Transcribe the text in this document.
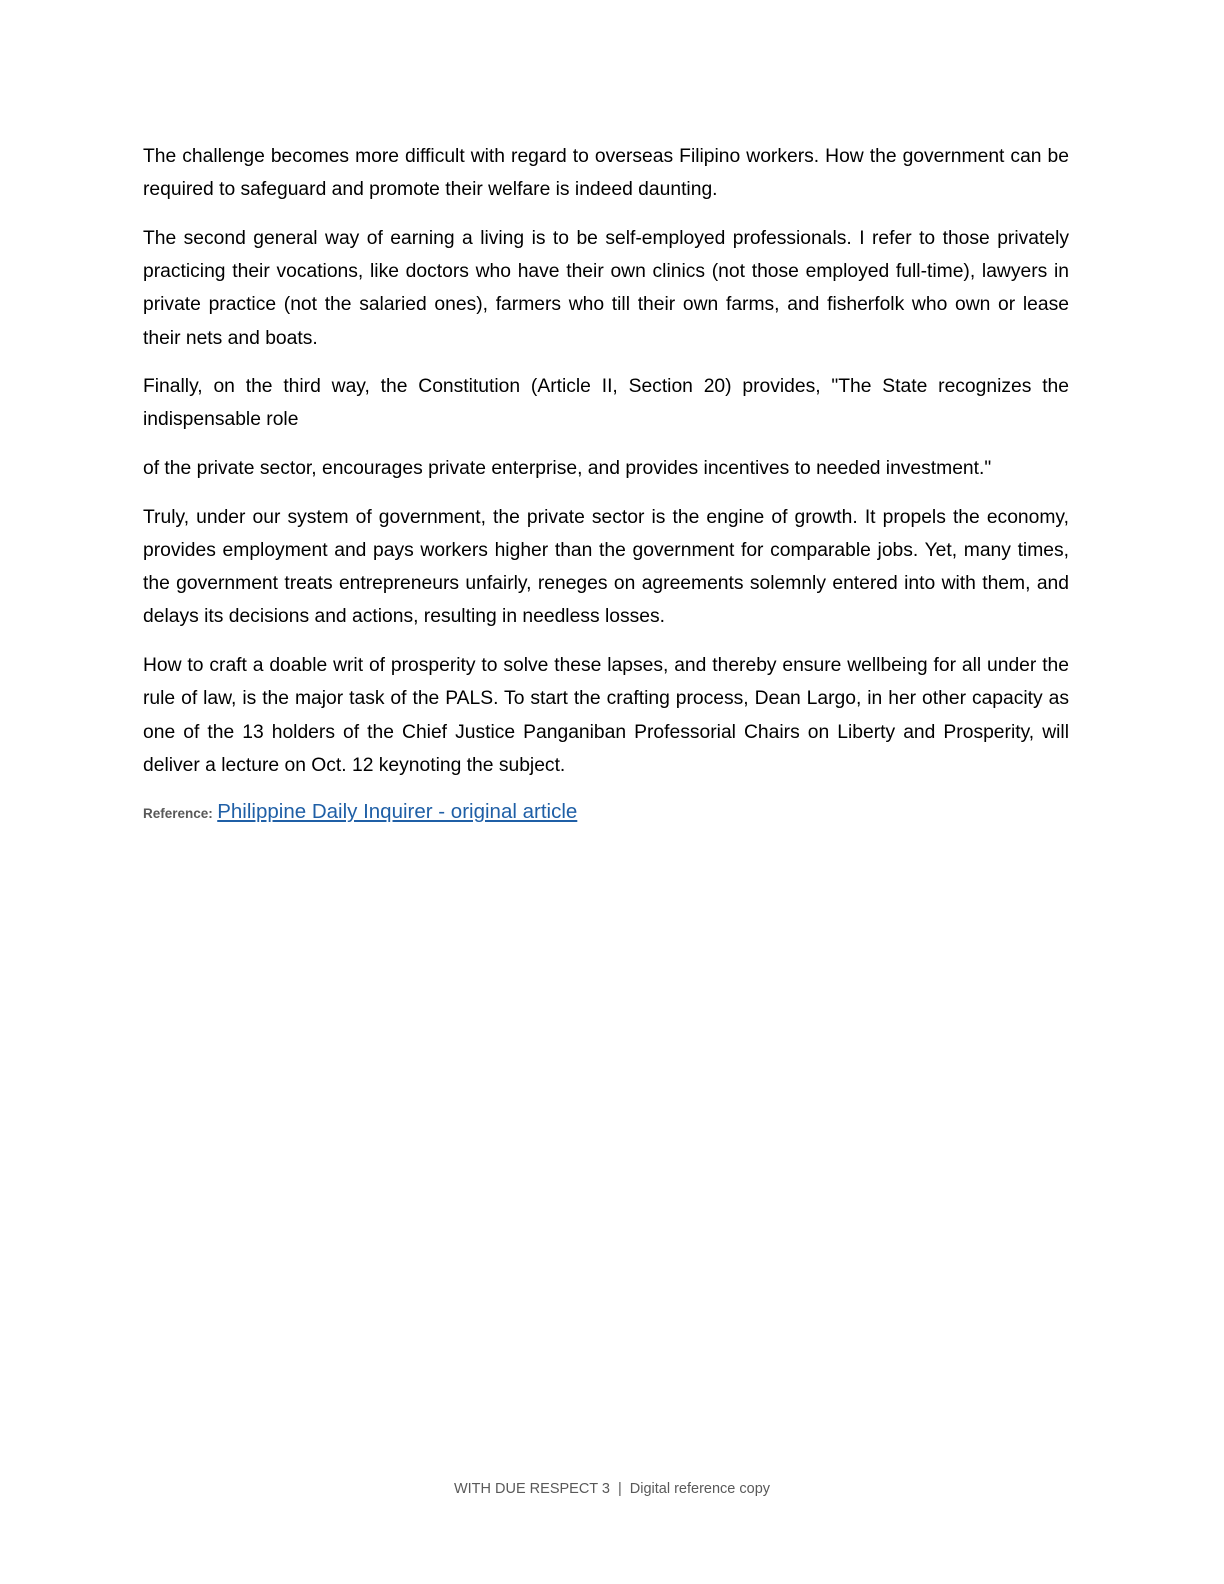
The challenge becomes more difficult with regard to overseas Filipino workers. How the government can be required to safeguard and promote their welfare is indeed daunting.

The second general way of earning a living is to be self-employed professionals. I refer to those privately practicing their vocations, like doctors who have their own clinics (not those employed full-time), lawyers in private practice (not the salaried ones), farmers who till their own farms, and fisherfolk who own or lease their nets and boats.

Finally, on the third way, the Constitution (Article II, Section 20) provides, "The State recognizes the indispensable role

of the private sector, encourages private enterprise, and provides incentives to needed investment."

Truly, under our system of government, the private sector is the engine of growth. It propels the economy, provides employment and pays workers higher than the government for comparable jobs. Yet, many times, the government treats entrepreneurs unfairly, reneges on agreements solemnly entered into with them, and delays its decisions and actions, resulting in needless losses.

How to craft a doable writ of prosperity to solve these lapses, and thereby ensure wellbeing for all under the rule of law, is the major task of the PALS. To start the crafting process, Dean Largo, in her other capacity as one of the 13 holders of the Chief Justice Panganiban Professorial Chairs on Liberty and Prosperity, will deliver a lecture on Oct. 12 keynoting the subject.

Reference: Philippine Daily Inquirer - original article
WITH DUE RESPECT 3 | Digital reference copy
